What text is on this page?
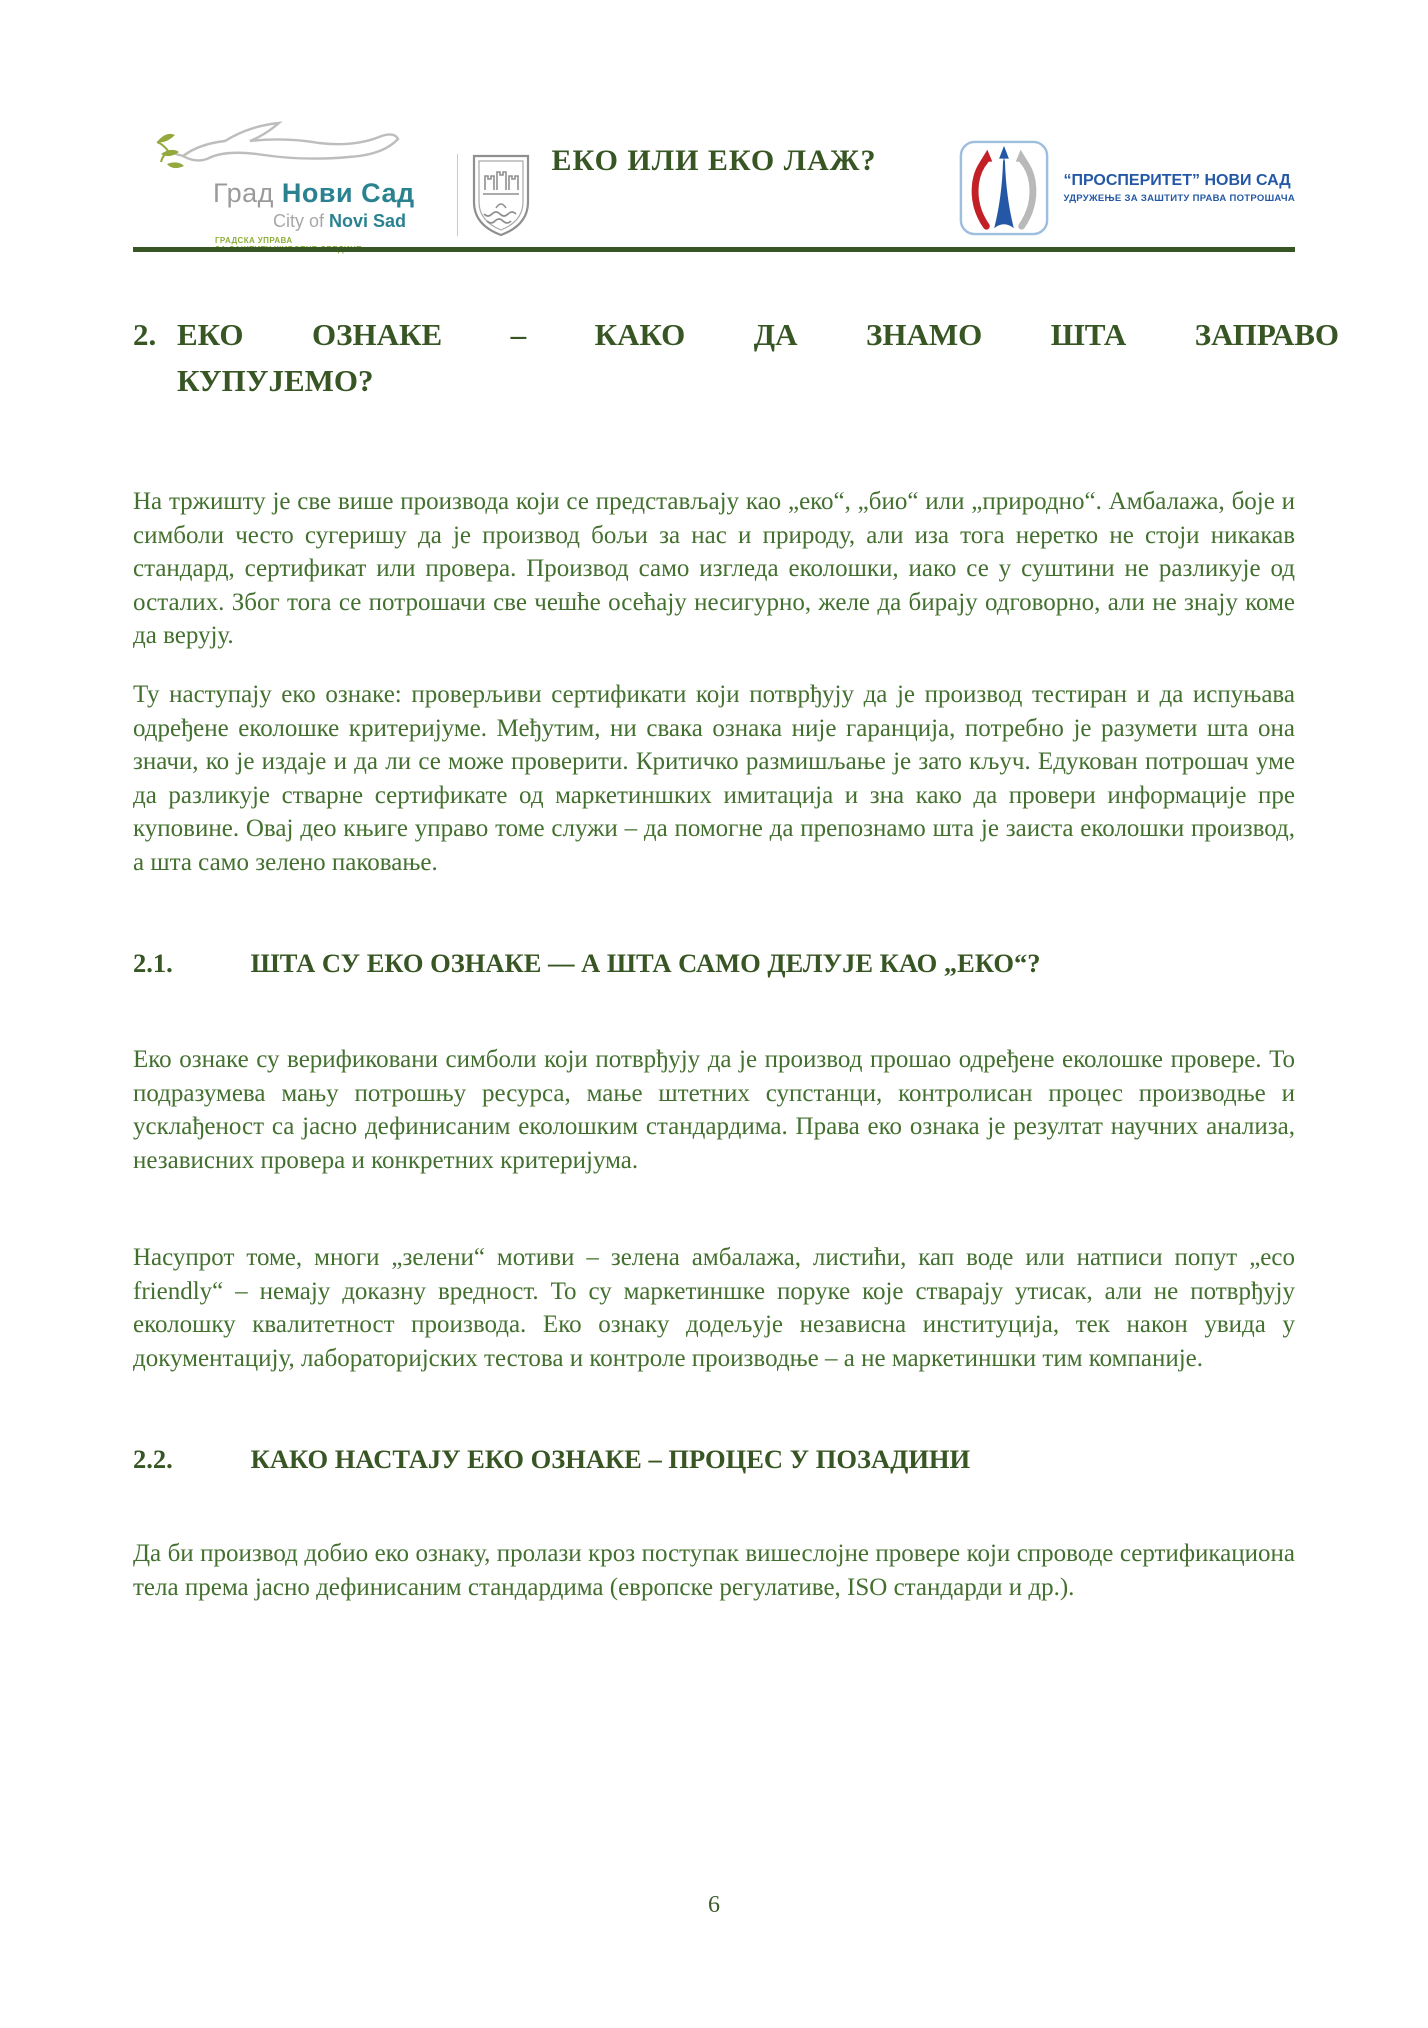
Град Нови Сад
City of Novi Sad
ГРАДСКА УПРАВА
ЕКО ИЛИ ЕКО ЛАЖ?
“ПРОСПЕРИТЕТ” НОВИ САД
УДРУЖЕЊЕ ЗА ЗАШТИТУ ПРАВА ПОТРОШАЧА
2. ЕКО ОЗНАКЕ – КАКО ДА ЗНАМО ШТА ЗАПРАВО
КУПУЈЕМО?

На тржишту је све више производа који се представљају као „еко“, „био“ или „природно“. Амбалажа, боје и симболи често сугеришу да је производ бољи за нас и природу, али иза тога неретко не стоји никакав стандард, сертификат или провера. Производ само изгледа еколошки, иако се у суштини не разликује од осталих. Због тога се потрошачи све чешће осећају несигурно, желе да бирају одговорно, али не знају коме да верују.

Ту наступају еко ознаке: проверљиви сертификати који потврђују да је производ тестиран и да испуњава одређене еколошке критеријуме. Међутим, ни свака ознака није гаранција, потребно је разумети шта она значи, ко је издаје и да ли се може проверити. Критичко размишљање је зато кључ. Едукован потрошач уме да разликује стварне сертификате од маркетиншких имитација и зна како да провери информације пре куповине. Овај део књиге управо томе служи – да помогне да препознамо шта је заиста еколошки производ, а шта само зелено паковање.

2.1.	ШТА СУ ЕКО ОЗНАКЕ — А ШТА САМО ДЕЛУЈЕ КАО „ЕКО“?

Еко ознаке су верификовани симболи који потврђују да је производ прошао одређене еколошке провере. То подразумева мању потрошњу ресурса, мање штетних супстанци, контролисан процес производње и усклађеност са јасно дефинисаним еколошким стандардима. Права еко ознака је резултат научних анализа, независних провера и конкретних критеријума.

Насупрот томе, многи „зелени“ мотиви – зелена амбалажа, листићи, кап воде или натписи попут „eco friendly“ – немају доказну вредност. То су маркетиншке поруке које стварају утисак, али не потврђују еколошку квалитетност производа. Еко ознаку додељује независна институција, тек након увида у документацију, лабораторијских тестова и контроле производње – а не маркетиншки тим компаније.

2.2.	КАКО НАСТАЈУ ЕКО ОЗНАКЕ – ПРОЦЕС У ПОЗАДИНИ

Да би производ добио еко ознаку, пролази кроз поступак вишеслојне провере који спроводе сертификациона тела према јасно дефинисаним стандардима (европске регулативе, ISO стандарди и др.).

6
